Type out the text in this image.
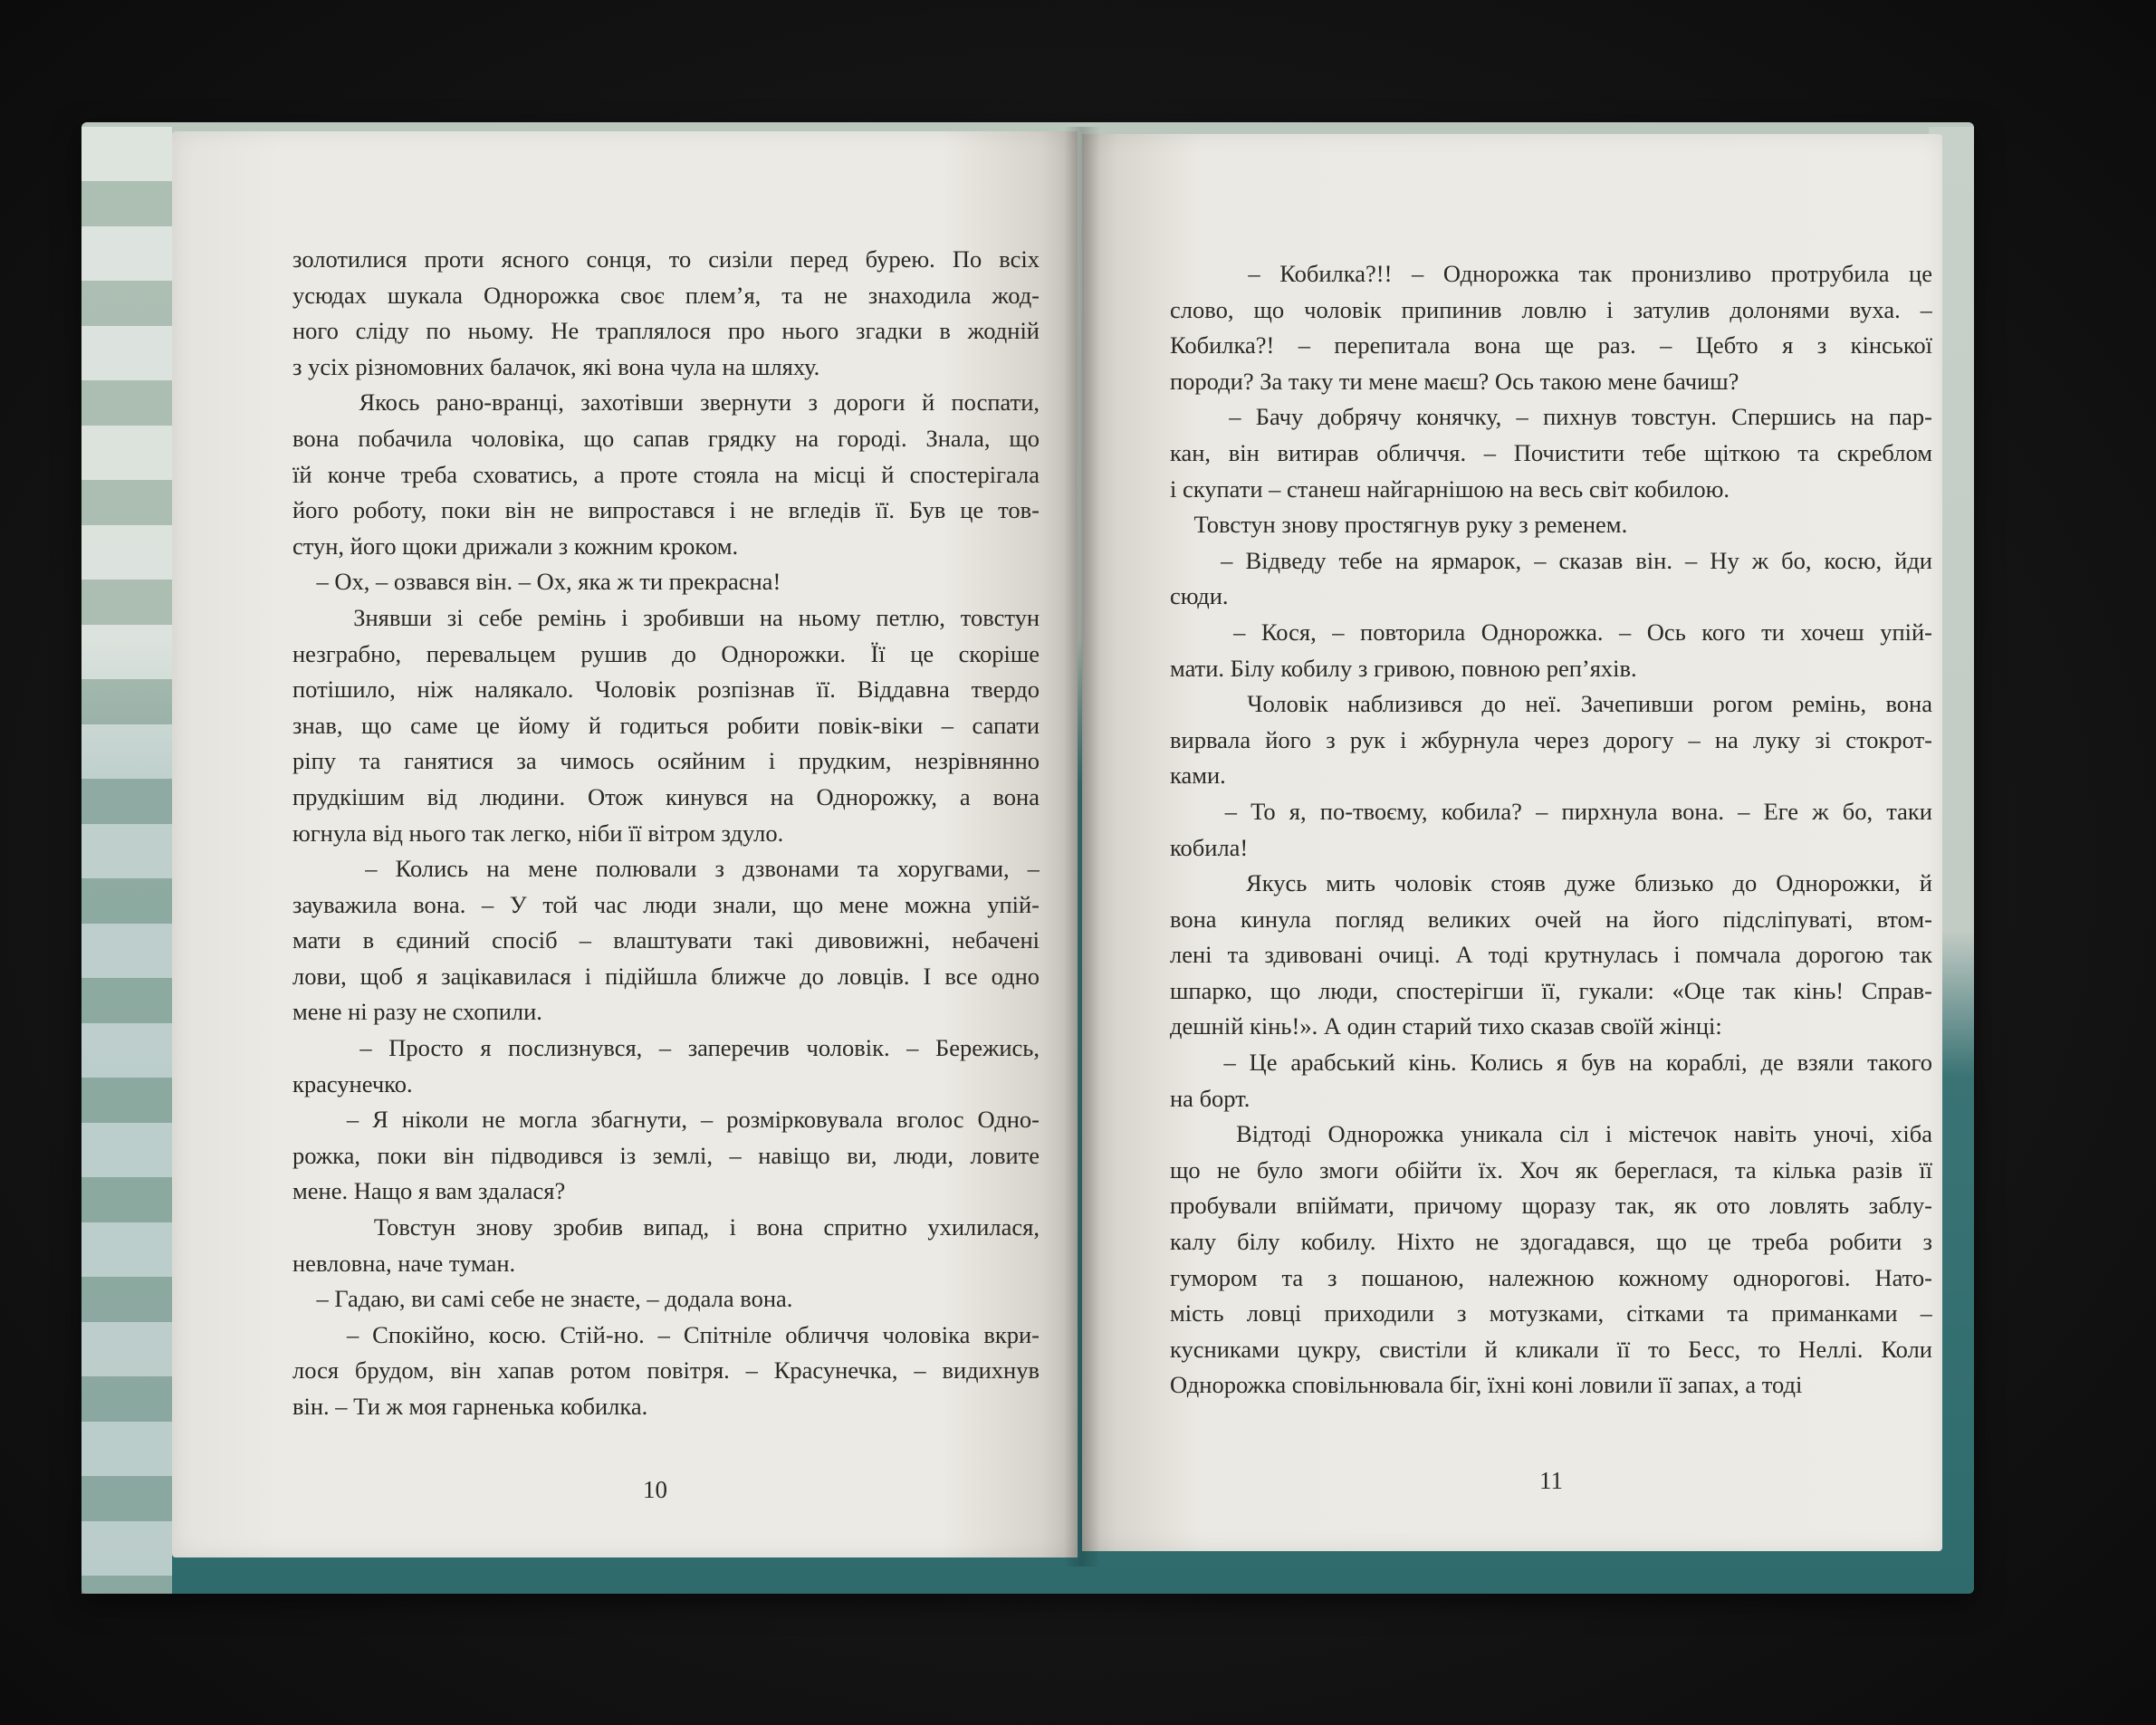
золотилися проти ясного сонця, то сизіли перед бурею. По всіх
усюдах шукала Однорожка своє плем’я, та не знаходила жод-
ного сліду по ньому. Не траплялося про нього згадки в жодній
з усіх різномовних балачок, які вона чула на шляху.
Якось рано-вранці, захотівши звернути з дороги й поспати,
вона побачила чоловіка, що сапав грядку на городі. Знала, що
їй конче треба сховатись, а проте стояла на місці й спостерігала
його роботу, поки він не випростався і не вгледів її. Був це тов-
стун, його щоки дрижали з кожним кроком.
– Ох, – озвався він. – Ох, яка ж ти прекрасна!
Знявши зі себе ремінь і зробивши на ньому петлю, товстун
незграбно, перевальцем рушив до Однорожки. Її це скоріше
потішило, ніж налякало. Чоловік розпізнав її. Віддавна твердо
знав, що саме це йому й годиться робити повік-віки – сапати
ріпу та ганятися за чимось осяйним і прудким, незрівнянно
прудкішим від людини. Отож кинувся на Однорожку, а вона
югнула від нього так легко, ніби її вітром здуло.
– Колись на мене полювали з дзвонами та хоругвами, –
зауважила вона. – У той час люди знали, що мене можна упій-
мати в єдиний спосіб – влаштувати такі дивовижні, небачені
лови, щоб я зацікавилася і підійшла ближче до ловців. І все одно
мене ні разу не схопили.
– Просто я послизнувся, – заперечив чоловік. – Бережись,
красунечко.
– Я ніколи не могла збагнути, – розмірковувала вголос Одно-
рожка, поки він підводився із землі, – навіщо ви, люди, ловите
мене. Нащо я вам здалася?
Товстун знову зробив випад, і вона спритно ухилилася,
невловна, наче туман.
– Гадаю, ви самі себе не знаєте, – додала вона.
– Спокійно, косю. Стій-но. – Спітніле обличчя чоловіка вкри-
лося брудом, він хапав ротом повітря. – Красунечка, – видихнув
він. – Ти ж моя гарненька кобилка.
10
– Кобилка?!! – Однорожка так пронизливо протрубила це
слово, що чоловік припинив ловлю і затулив долонями вуха. –
Кобилка?! – перепитала вона ще раз. – Цебто я з кінської
породи? За таку ти мене маєш? Ось такою мене бачиш?
– Бачу добрячу конячку, – пихнув товстун. Спершись на пар-
кан, він витирав обличчя. – Почистити тебе щіткою та скреблом
і скупати – станеш найгарнішою на весь світ кобилою.
Товстун знову простягнув руку з ременем.
– Відведу тебе на ярмарок, – сказав він. – Ну ж бо, косю, йди
сюди.
– Кося, – повторила Однорожка. – Ось кого ти хочеш упій-
мати. Білу кобилу з гривою, повною реп’яхів.
Чоловік наблизився до неї. Зачепивши рогом ремінь, вона
вирвала його з рук і жбурнула через дорогу – на луку зі стокрот-
ками.
– То я, по-твоєму, кобила? – пирхнула вона. – Еге ж бо, таки
кобила!
Якусь мить чоловік стояв дуже близько до Однорожки, й
вона кинула погляд великих очей на його підсліпуваті, втом-
лені та здивовані очиці. А тоді крутнулась і помчала дорогою так
шпарко, що люди, спостерігши її, гукали: «Оце так кінь! Справ-
дешній кінь!». А один старий тихо сказав своїй жінці:
– Це арабський кінь. Колись я був на кораблі, де взяли такого
на борт.
Відтоді Однорожка уникала сіл і містечок навіть уночі, хіба
що не було змоги обійти їх. Хоч як береглася, та кілька разів її
пробували впіймати, причому щоразу так, як ото ловлять заблу-
калу білу кобилу. Ніхто не здогадався, що це треба робити з
гумором та з пошаною, належною кожному однорогові. Нато-
мість ловці приходили з мотузками, сітками та приманками –
кусниками цукру, свистіли й кликали її то Бесс, то Неллі. Коли
Однорожка сповільнювала біг, їхні коні ловили її запах, а тоді
11
